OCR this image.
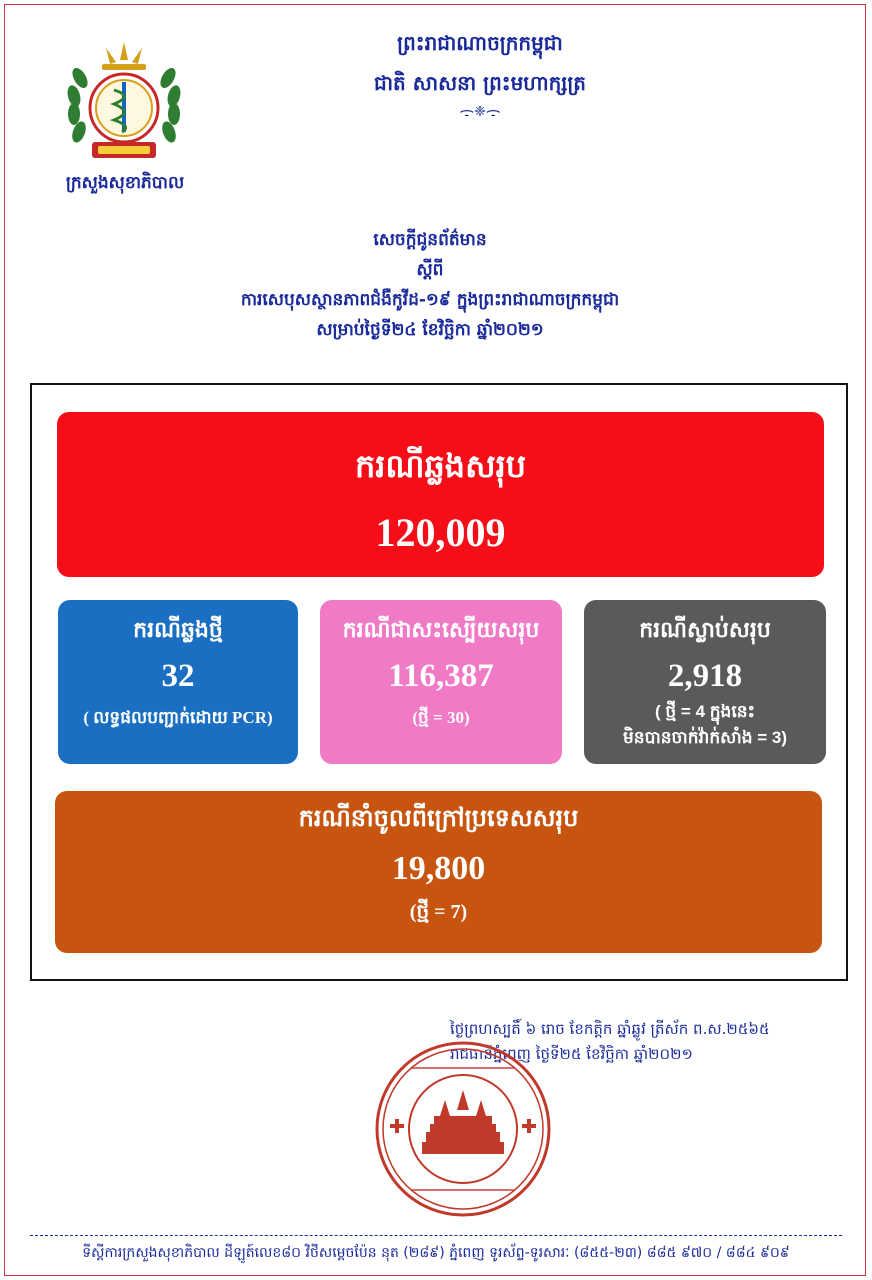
ក្រសួងសុខាភិបាល
ព្រះរាជាណាចក្រកម្ពុជា
ជាតិ សាសនា ព្រះមហាក្សត្រ
ᯙ❈ᯙ
សេចក្តីជូនព័ត៌មាន
ស្តីពី
ការសេបុសស្ថានភាពជំងឺកូវីដ-១៩ ក្នុងព្រះរាជាណាចក្រកម្ពុជា
សម្រាប់ថ្ងៃទី២៤ ខែវិច្ឆិកា ឆ្នាំ២០២១
ករណីឆ្លងសរុប
120,009
ករណីឆ្លងថ្មី
32
( លទ្ធផលបញ្ជាក់ដោយ PCR)
ករណីជាសះស្បើយសរុប
116,387
(ថ្មី = 30)
ករណីស្លាប់សរុប
2,918
( ថ្មី = 4 ក្នុងនេះ
មិនបានចាក់វ៉ាក់សាំង = 3)
ករណីនាំចូលពីក្រៅប្រទេសសរុប
19,800
(ថ្មី = 7)
ថ្ងៃព្រហស្បតិ៍ ៦ រោច ខែកត្តិក ឆ្នាំឆ្លូវ ត្រីស័ក ព.ស.២៥៦៥
រាជធានីភ្នំពេញ ថ្ងៃទី២៥ ខែវិច្ឆិកា ឆ្នាំ២០២១
ទីស្តីការក្រសួងសុខាភិបាល ដីឡូត៍លេខ៨០ វិថីសម្តេចប៉ែន នុត (២៨៩) ភ្នំពេញ ទូរស័ព្ទ-ទូរសារៈ (៨៥៥-២៣) ៨៨៥ ៩៧០ / ៨៨៤ ៩០៩
